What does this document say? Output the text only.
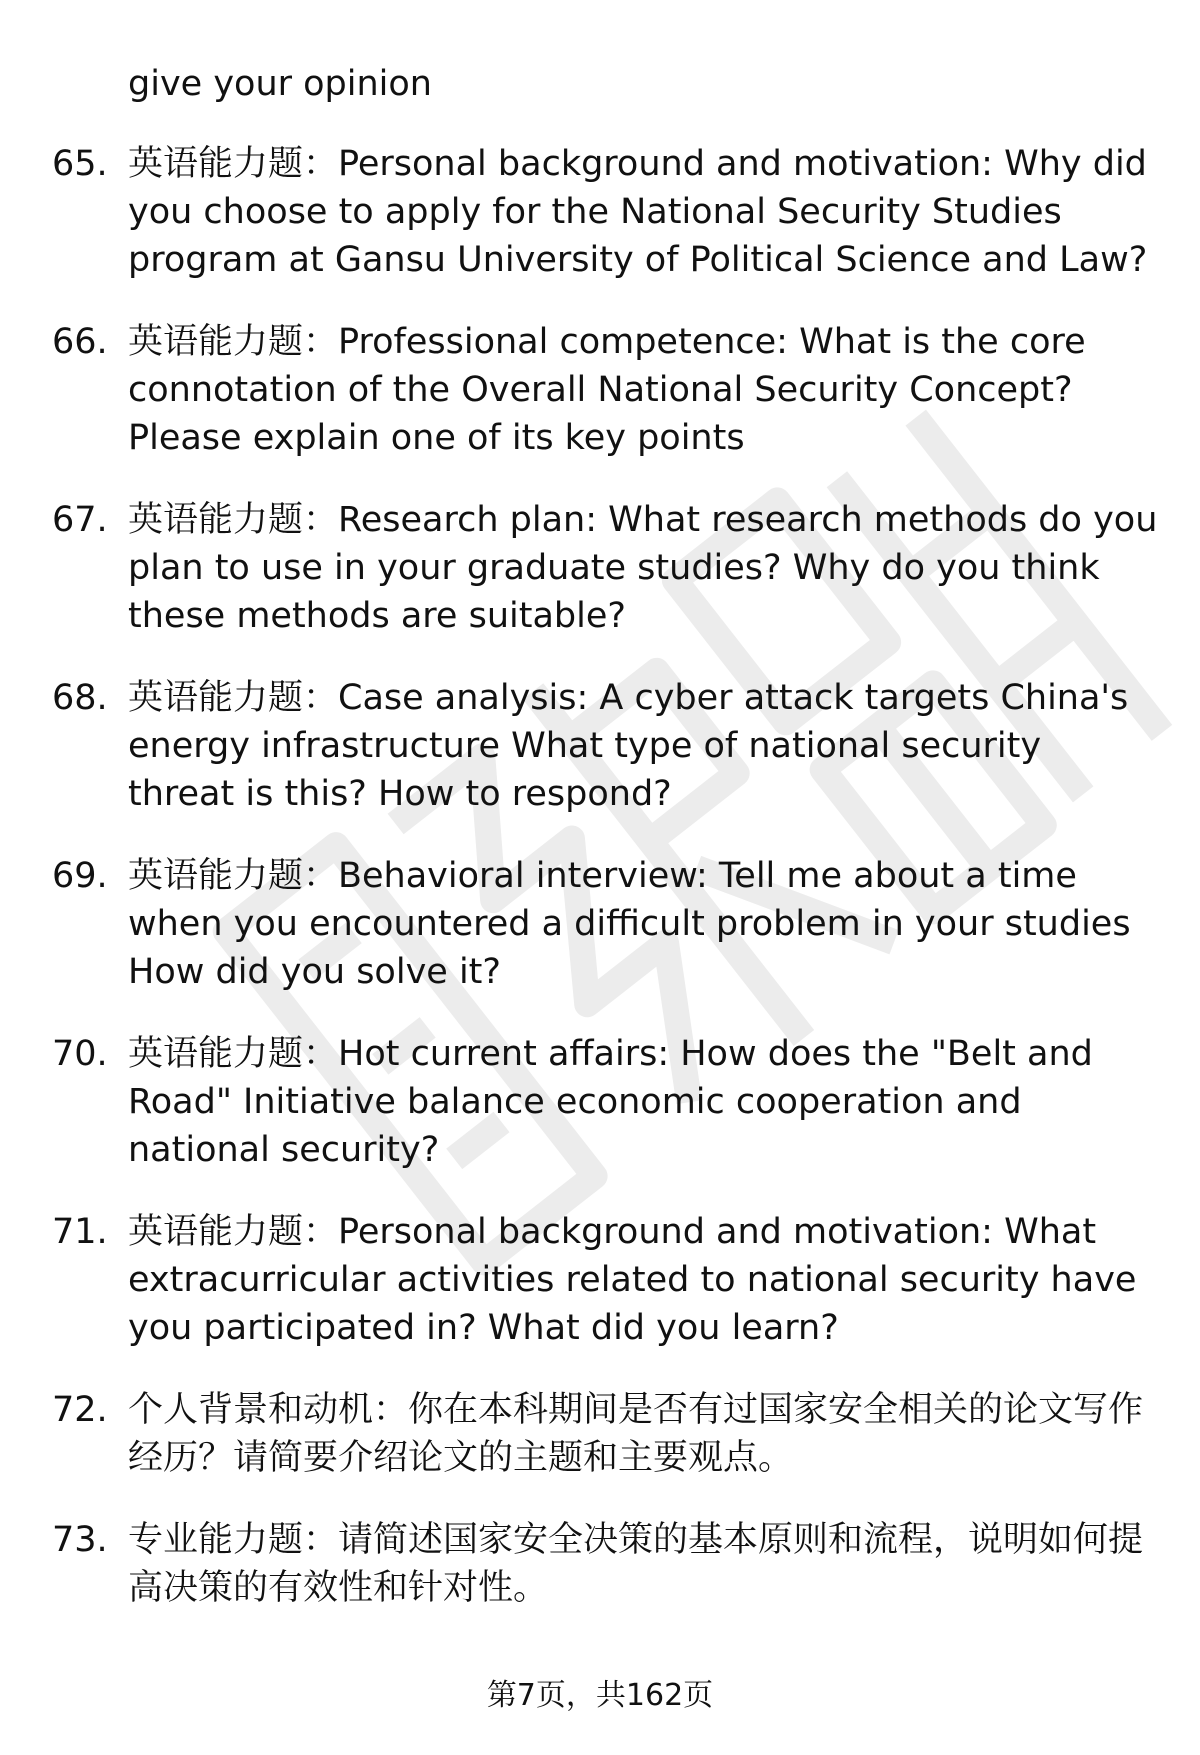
give your opinion

65. 英语能力题：Personal background and motivation: Why did you choose to apply for the National Security Studies program at Gansu University of Political Science and Law?
66. 英语能力题：Professional competence: What is the core connotation of the Overall National Security Concept? Please explain one of its key points
67. 英语能力题：Research plan: What research methods do you plan to use in your graduate studies? Why do you think these methods are suitable?
68. 英语能力题：Case analysis: A cyber attack targets China's energy infrastructure What type of national security threat is this? How to respond?
69. 英语能力题：Behavioral interview: Tell me about a time when you encountered a difficult problem in your studies How did you solve it?
70. 英语能力题：Hot current affairs: How does the "Belt and Road" Initiative balance economic cooperation and national security?
71. 英语能力题：Personal background and motivation: What extracurricular activities related to national security have you participated in? What did you learn?
72. 个人背景和动机：你在本科期间是否有过国家安全相关的论文写作经历？请简要介绍论文的主题和主要观点。
73. 专业能力题：请简述国家安全决策的基本原则和流程，说明如何提高决策的有效性和针对性。
第7页，共162页
